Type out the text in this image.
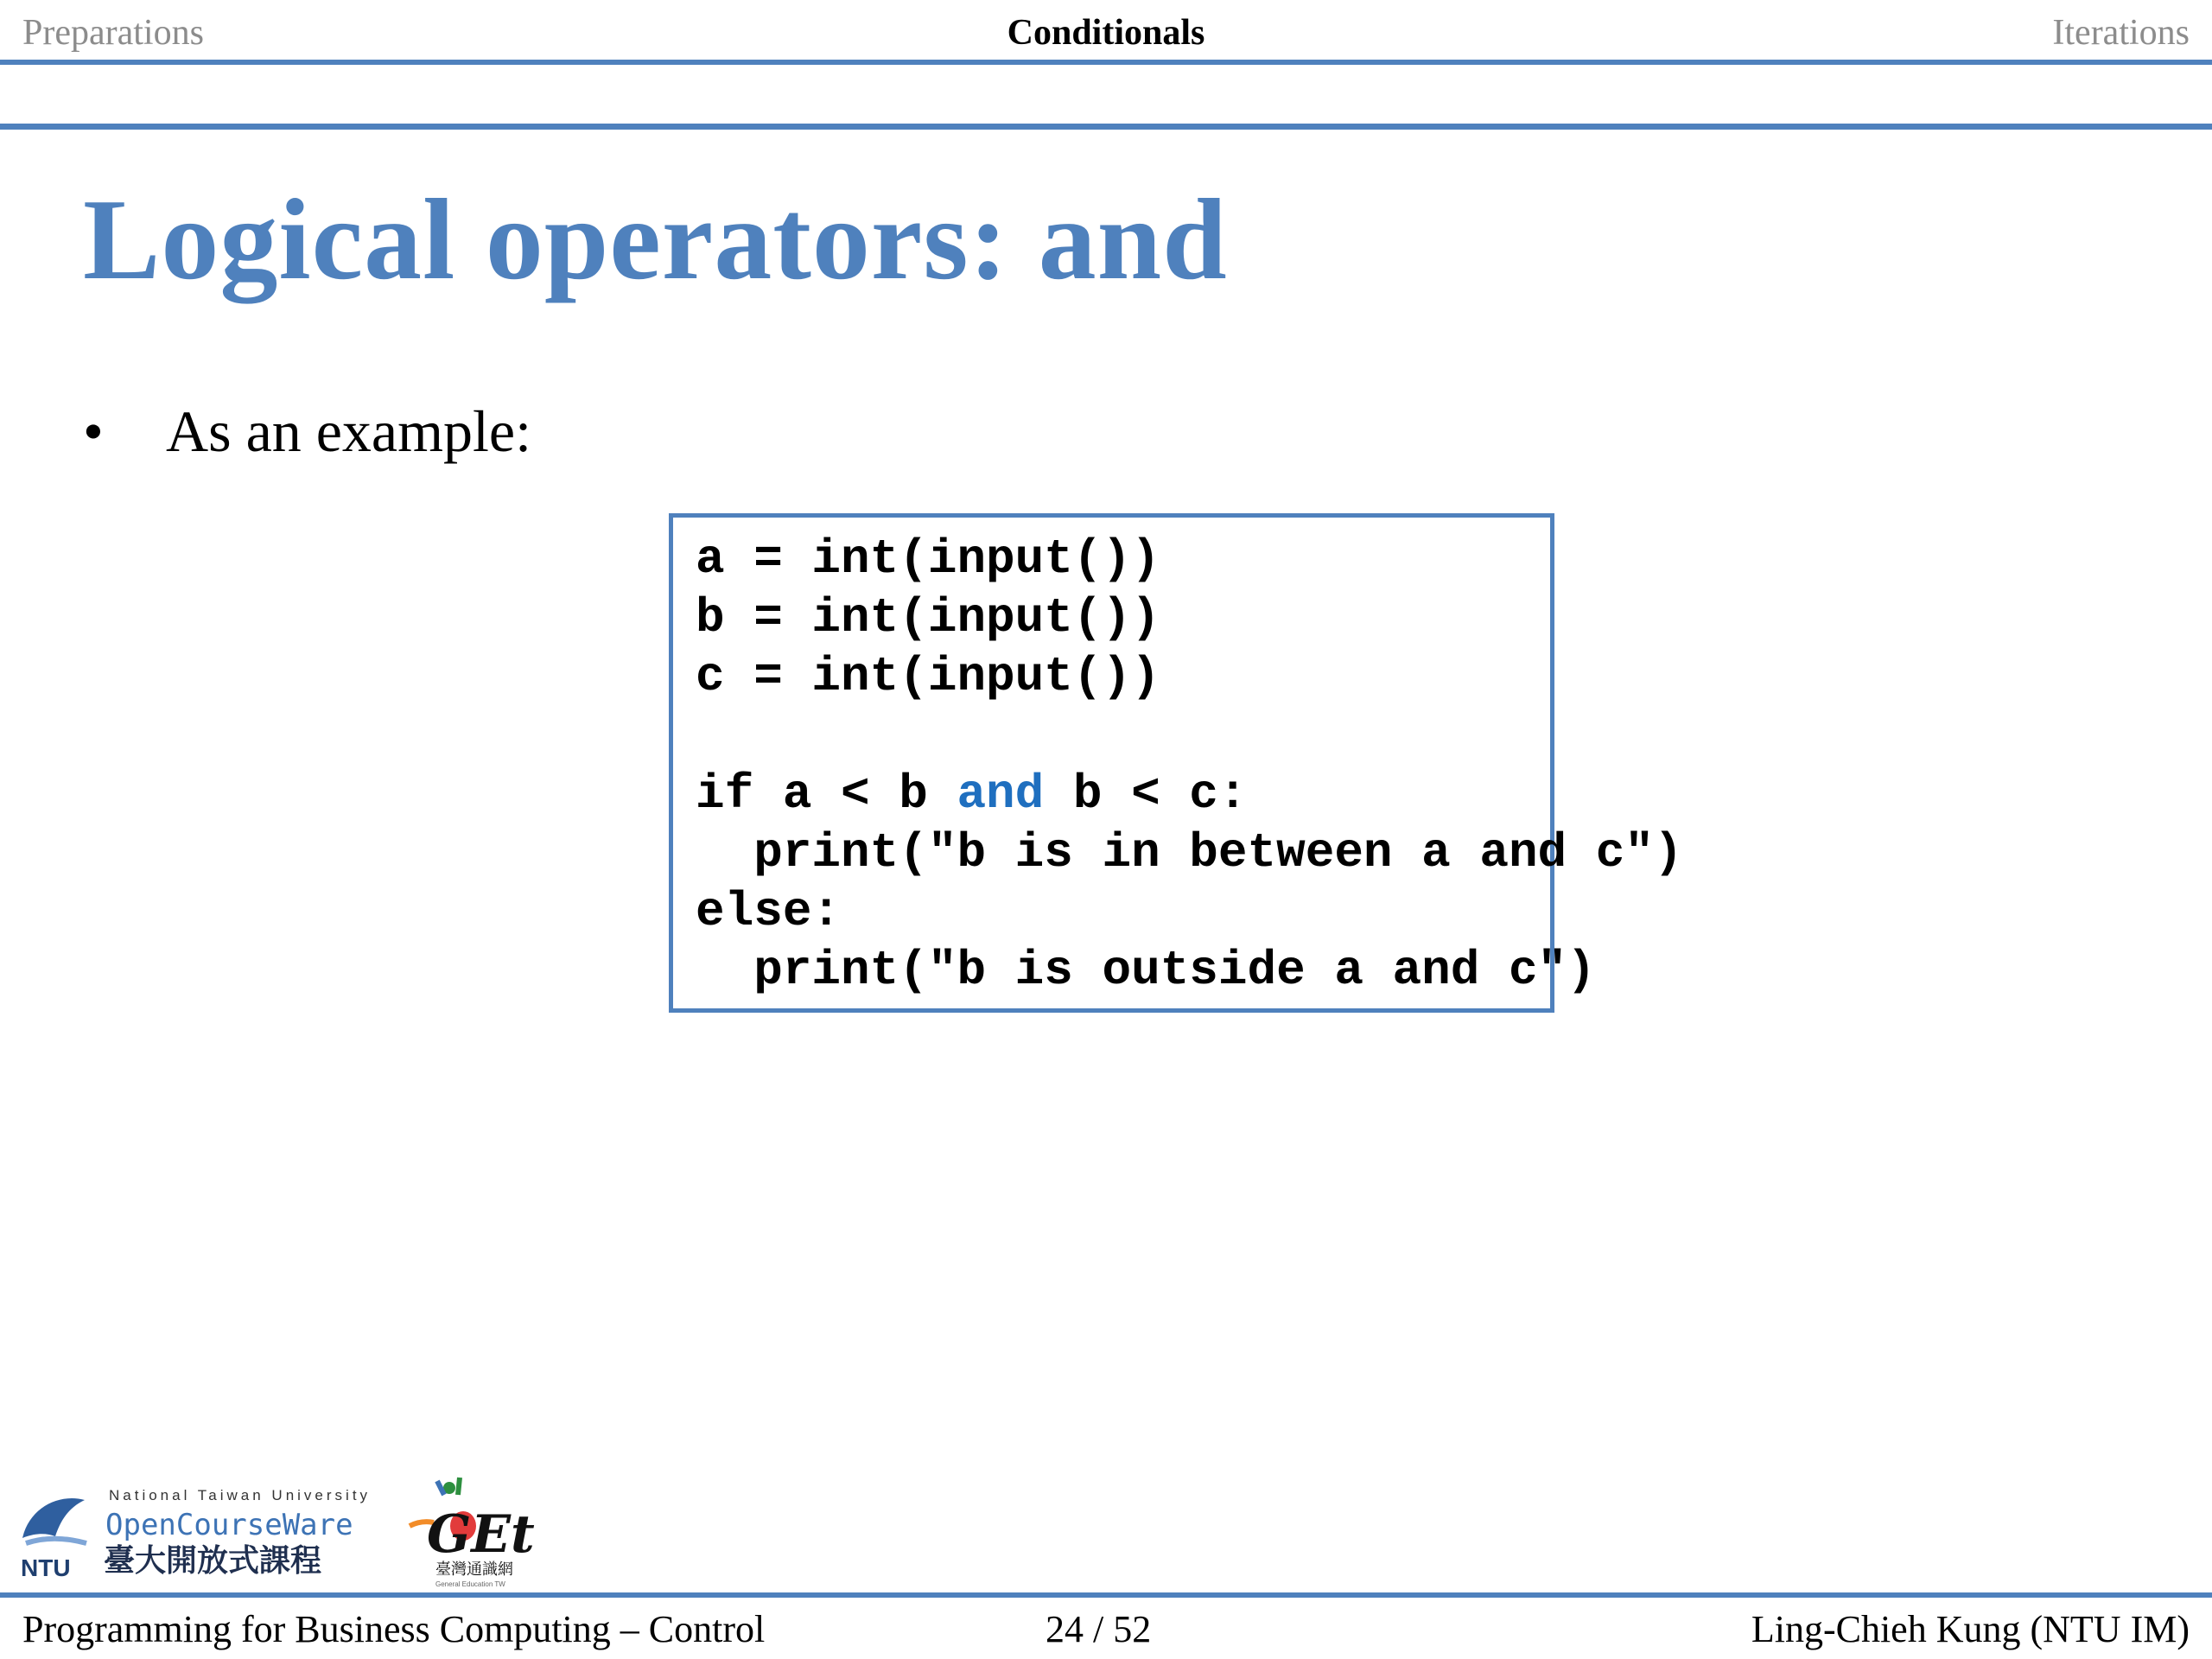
Preparations	Conditionals	Iterations
Logical operators: and
• As an example:
a = int(input())
b = int(input())
c = int(input())

if a < b and b < c:
print("b is in between a and c")
else:
print("b is outside a and c")
NTU
National Taiwan University
OpenCourseWare
臺大開放式課程 GEt
臺灣通識網
General Education TW
Programming for Business Computing – Control	24 / 52	Ling-Chieh Kung (NTU IM)
